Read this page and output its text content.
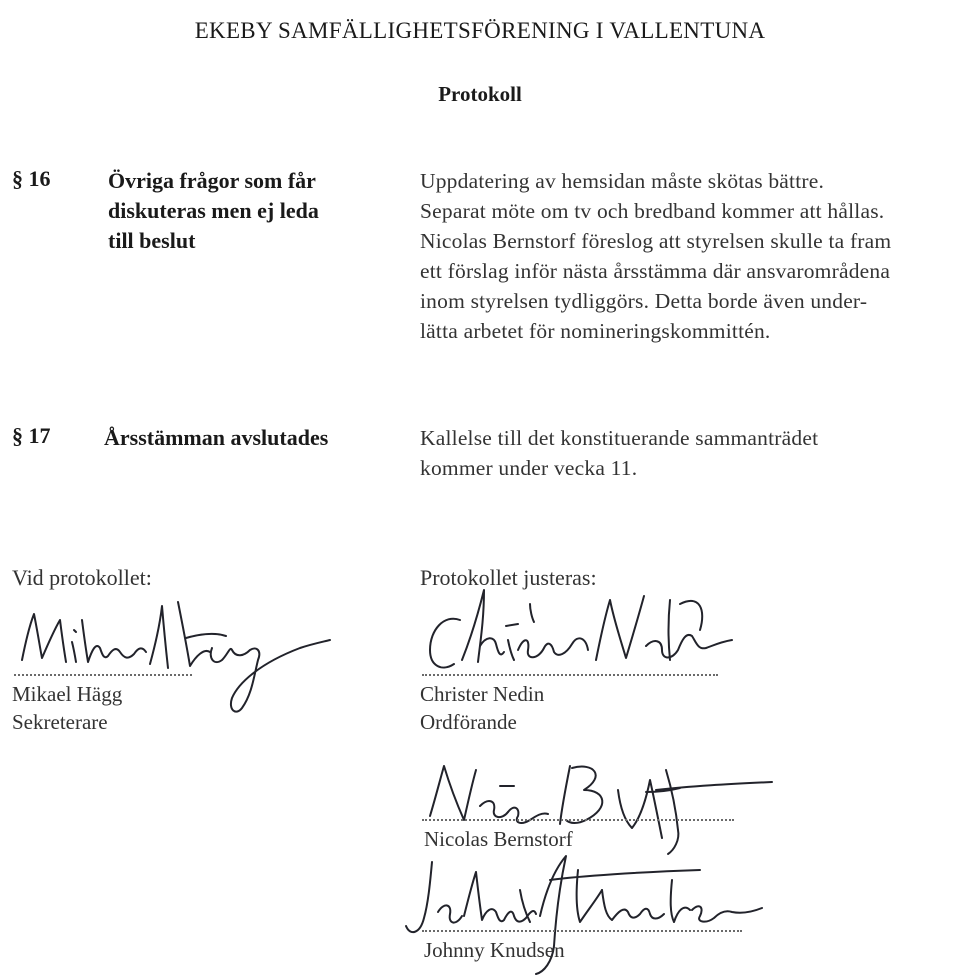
EKEBY SAMFÄLLIGHETSFÖRENING I VALLENTUNA
Protokoll
§ 16	Övriga frågor som får
diskuteras men ej leda
till beslut
Uppdatering av hemsidan måste skötas bättre.
Separat möte om tv och bredband kommer att hållas.
Nicolas Bernstorf föreslog att styrelsen skulle ta fram
ett förslag inför nästa årsstämma där ansvarområdena
inom styrelsen tydliggörs. Detta borde även under-
lätta arbetet för nomineringskommittén.
§ 17 Årsstämman avslutades	Kallelse till det konstituerande sammanträdet
kommer under vecka 11.
Vid protokollet:
Mikael Hägg
Sekreterare
Protokollet justeras:
Christer Nedin
Ordförande
Nicolas Bernstorf
Johnny Knudsen
